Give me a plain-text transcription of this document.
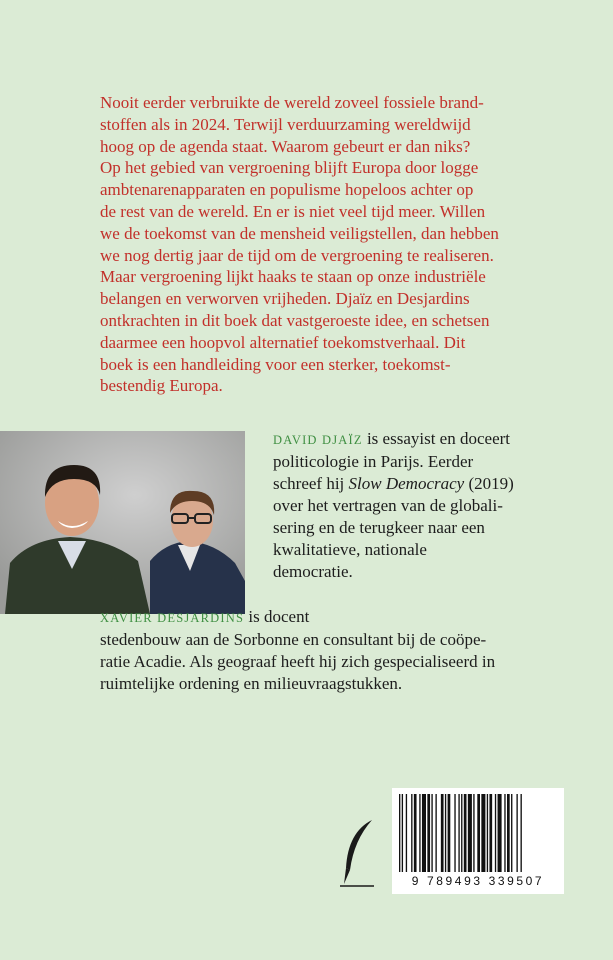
Nooit eerder verbruikte de wereld zoveel fossiele brand-
stoffen als in 2024. Terwijl verduurzaming wereldwijd
hoog op de agenda staat. Waarom gebeurt er dan niks?
Op het gebied van vergroening blijft Europa door logge
ambtenarenapparaten en populisme hopeloos achter op
de rest van de wereld. En er is niet veel tijd meer. Willen
we de toekomst van de mensheid veiligstellen, dan hebben
we nog dertig jaar de tijd om de vergroening te realiseren.
Maar vergroening lijkt haaks te staan op onze industriële
belangen en verworven vrijheden. Djaïz en Desjardins
ontkrachten in dit boek dat vastgeroeste idee, en schetsen
daarmee een hoopvol alternatief toekomstverhaal. Dit
boek is een handleiding voor een sterker, toekomst-
bestendig Europa.

DAVID DJAÏZ is essayist en doceert
politicologie in Parijs. Eerder
schreef hij Slow Democracy (2019)
over het vertragen van de globali-
sering en de terugkeer naar een
kwalitatieve, nationale
democratie.

XAVIER DESJARDINS is docent
stedenbouw aan de Sorbonne en consultant bij de coöpe-
ratie Acadie. Als geograaf heeft hij zich gespecialiseerd in
ruimtelijke ordening en milieuvraagstukken.

9 789493 339507
